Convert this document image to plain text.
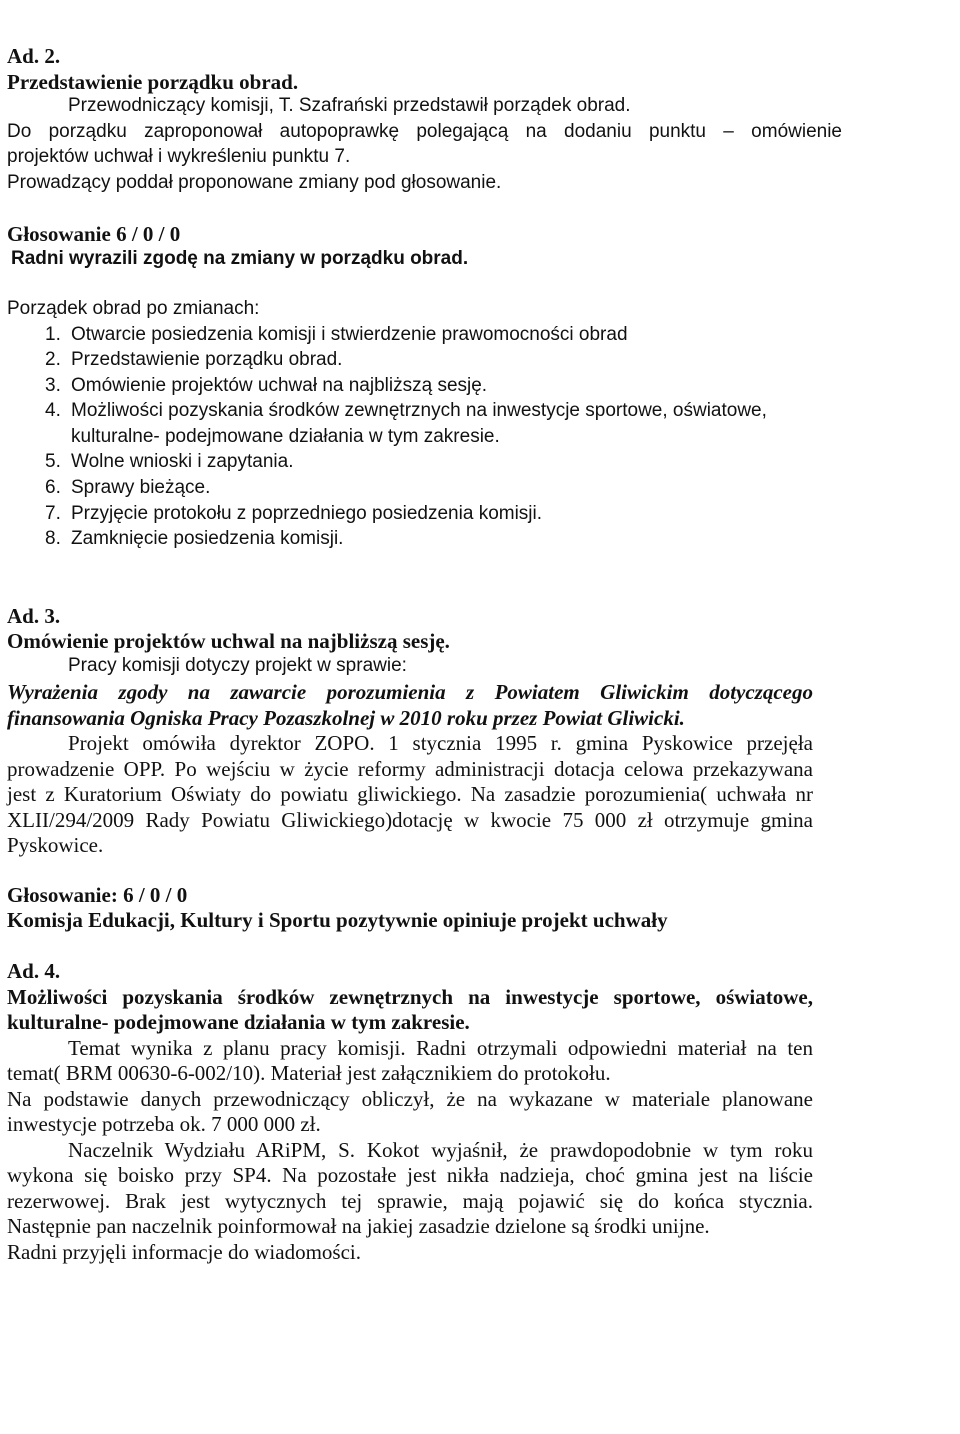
Ad. 2.
Przedstawienie porządku obrad.
Przewodniczący komisji, T. Szafrański przedstawił porządek obrad.
Do porządku zaproponował autopoprawkę polegającą na dodaniu punktu – omówienie
projektów uchwał i wykreśleniu punktu 7.
Prowadzący poddał proponowane zmiany pod głosowanie.
Głosowanie 6 / 0 / 0
Radni wyrazili zgodę na zmiany w porządku obrad.
Porządek obrad po zmianach:
1. Otwarcie posiedzenia komisji i stwierdzenie prawomocności obrad
2. Przedstawienie porządku obrad.
3. Omówienie projektów uchwał na najbliższą sesję.
4. Możliwości pozyskania środków zewnętrznych na inwestycje sportowe, oświatowe,
kulturalne- podejmowane działania w tym zakresie.
5. Wolne wnioski i zapytania.
6. Sprawy bieżące.
7. Przyjęcie protokołu z poprzedniego posiedzenia komisji.
8. Zamknięcie posiedzenia komisji.
Ad. 3.
Omówienie projektów uchwal na najbliższą sesję.
Pracy komisji dotyczy projekt w sprawie:
Wyrażenia zgody na zawarcie porozumienia z Powiatem Gliwickim dotyczącego
finansowania Ogniska Pracy Pozaszkolnej w 2010 roku przez Powiat Gliwicki.
Projekt omówiła dyrektor ZOPO. 1 stycznia 1995 r. gmina Pyskowice przejęła
prowadzenie OPP. Po wejściu w życie reformy administracji dotacja celowa przekazywana
jest z Kuratorium Oświaty do powiatu gliwickiego. Na zasadzie porozumienia( uchwała nr
XLII/294/2009 Rady Powiatu Gliwickiego)dotację w kwocie 75 000 zł otrzymuje gmina
Pyskowice.
Głosowanie: 6 / 0 / 0
Komisja Edukacji, Kultury i Sportu pozytywnie opiniuje projekt uchwały
Ad. 4.
Możliwości pozyskania środków zewnętrznych na inwestycje sportowe, oświatowe,
kulturalne- podejmowane działania w tym zakresie.
Temat wynika z planu pracy komisji. Radni otrzymali odpowiedni materiał na ten
temat( BRM 00630-6-002/10). Materiał jest załącznikiem do protokołu.
Na podstawie danych przewodniczący obliczył, że na wykazane w materiale planowane
inwestycje potrzeba ok. 7 000 000 zł.
Naczelnik Wydziału ARiPM, S. Kokot wyjaśnił, że prawdopodobnie w tym roku
wykona się boisko przy SP4. Na pozostałe jest nikła nadzieja, choć gmina jest na liście
rezerwowej. Brak jest wytycznych tej sprawie, mają pojawić się do końca stycznia.
Następnie pan naczelnik poinformował na jakiej zasadzie dzielone są środki unijne.
Radni przyjęli informacje do wiadomości.
